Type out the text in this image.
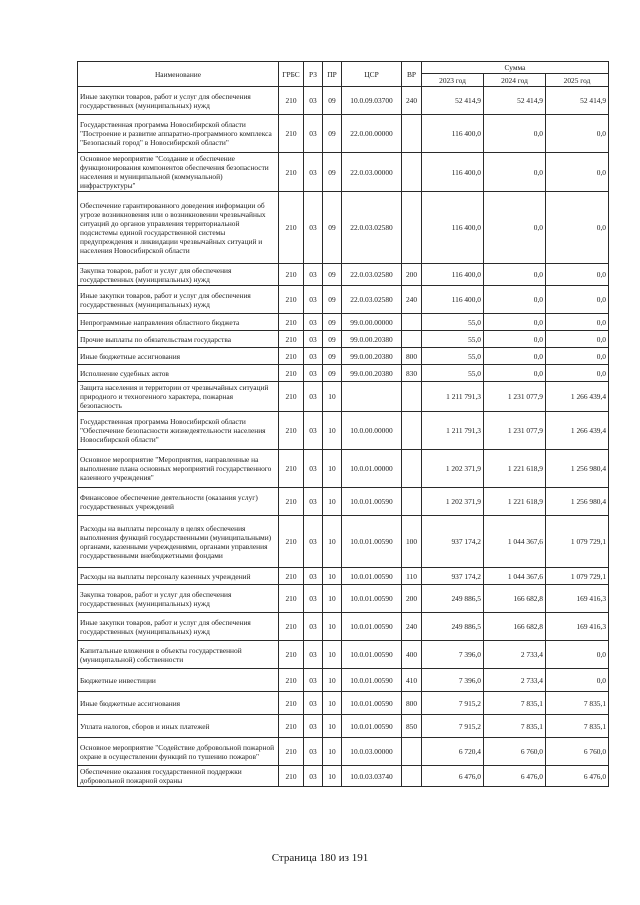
Наименование	ГРБС	РЗ	ПР	ЦСР	ВР	Сумма		
						2023 год	2024 год	2025 год
Иные закупки товаров, работ и услуг для обеспечения государственных (муниципальных) нужд	210	03	09	10.0.09.03700	240	52 414,9	52 414,9	52 414,9
Государственная программа Новосибирской области "Построение и развитие аппаратно-программного комплекса "Безопасный город" в Новосибирской области"	210	03	09	22.0.00.00000		116 400,0	0,0	0,0
Основное мероприятие "Создание и обеспечение функционирования компонентов обеспечения безопасности населения и муниципальной (коммунальной) инфраструктуры"	210	03	09	22.0.03.00000		116 400,0	0,0	0,0
Обеспечение гарантированного доведения информации об угрозе возникновения или о возникновении чрезвычайных ситуаций до органов управления территориальной подсистемы единой государственной системы предупреждения и ликвидации чрезвычайных ситуаций и населения Новосибирской области	210	03	09	22.0.03.02580		116 400,0	0,0	0,0
Закупка товаров, работ и услуг для обеспечения государственных (муниципальных) нужд	210	03	09	22.0.03.02580	200	116 400,0	0,0	0,0
Иные закупки товаров, работ и услуг для обеспечения государственных (муниципальных) нужд	210	03	09	22.0.03.02580	240	116 400,0	0,0	0,0
Непрограммные направления областного бюджета	210	03	09	99.0.00.00000		55,0	0,0	0,0
Прочие выплаты по обязательствам государства	210	03	09	99.0.00.20380		55,0	0,0	0,0
Иные бюджетные ассигнования	210	03	09	99.0.00.20380	800	55,0	0,0	0,0
Исполнение судебных актов	210	03	09	99.0.00.20380	830	55,0	0,0	0,0
Защита населения и территории от чрезвычайных ситуаций природного и техногенного характера, пожарная безопасность	210	03	10			1 211 791,3	1 231 077,9	1 266 439,4
Государственная программа Новосибирской области "Обеспечение безопасности жизнедеятельности населения Новосибирской области"	210	03	10	10.0.00.00000		1 211 791,3	1 231 077,9	1 266 439,4
Основное мероприятие "Мероприятия, направленные на выполнение плана основных мероприятий государственного казенного учреждения"	210	03	10	10.0.01.00000		1 202 371,9	1 221 618,9	1 256 980,4
Финансовое обеспечение деятельности (оказания услуг) государственных учреждений	210	03	10	10.0.01.00590		1 202 371,9	1 221 618,9	1 256 980,4
Расходы на выплаты персоналу в целях обеспечения выполнения функций государственными (муниципальными) органами, казенными учреждениями, органами управления государственными внебюджетными фондами	210	03	10	10.0.01.00590	100	937 174,2	1 044 367,6	1 079 729,1
Расходы на выплаты персоналу казенных учреждений	210	03	10	10.0.01.00590	110	937 174,2	1 044 367,6	1 079 729,1
Закупка товаров, работ и услуг для обеспечения государственных (муниципальных) нужд	210	03	10	10.0.01.00590	200	249 886,5	166 682,8	169 416,3
Иные закупки товаров, работ и услуг для обеспечения государственных (муниципальных) нужд	210	03	10	10.0.01.00590	240	249 886,5	166 682,8	169 416,3
Капитальные вложения в объекты государственной (муниципальной) собственности	210	03	10	10.0.01.00590	400	7 396,0	2 733,4	0,0
Бюджетные инвестиции	210	03	10	10.0.01.00590	410	7 396,0	2 733,4	0,0
Иные бюджетные ассигнования	210	03	10	10.0.01.00590	800	7 915,2	7 835,1	7 835,1
Уплата налогов, сборов и иных платежей	210	03	10	10.0.01.00590	850	7 915,2	7 835,1	7 835,1
Основное мероприятие "Содействие добровольной пожарной охране в осуществлении функций по тушению пожаров"	210	03	10	10.0.03.00000		6 720,4	6 760,0	6 760,0
Обеспечение оказания государственной поддержки добровольной пожарной охраны	210	03	10	10.0.03.03740		6 476,0	6 476,0	6 476,0
Страница 180 из 191
